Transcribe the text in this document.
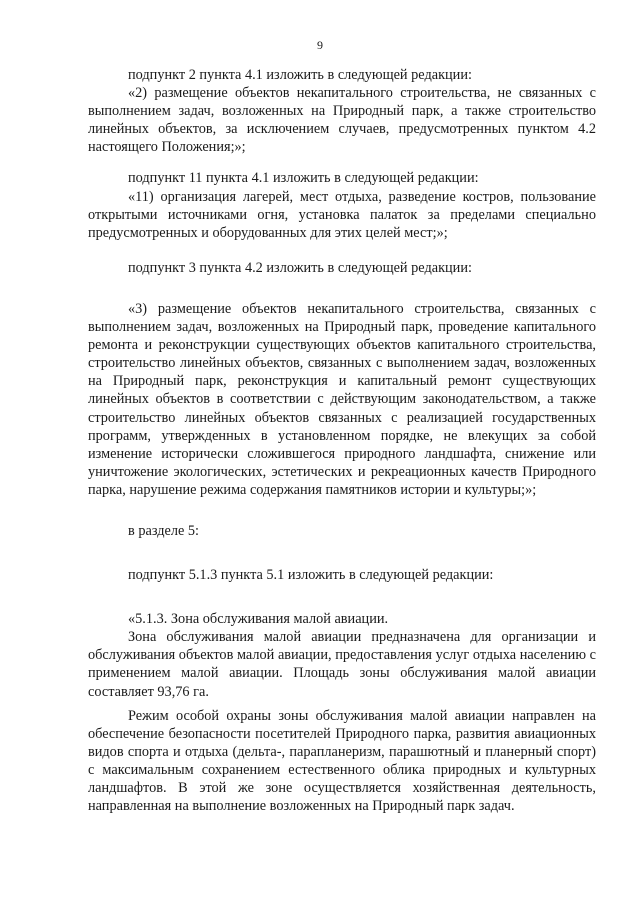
9

подпункт 2 пункта 4.1 изложить в следующей редакции:

«2) размещение объектов некапитального строительства, не связанных с выполнением задач, возложенных на Природный парк, а также строительство линейных объектов, за исключением случаев, предусмотренных пунктом 4.2 настоящего Положения;»;

подпункт 11 пункта 4.1 изложить в следующей редакции:

«11) организация лагерей, мест отдыха, разведение костров, пользование открытыми источниками огня, установка палаток за пределами специально предусмотренных и оборудованных для этих целей мест;»;

подпункт 3 пункта 4.2 изложить в следующей редакции:

«3) размещение объектов некапитального строительства, связанных с выполнением задач, возложенных на Природный парк, проведение капитального ремонта и реконструкции существующих объектов капитального строительства, строительство линейных объектов, связанных с выполнением задач, возложенных на Природный парк, реконструкция и капитальный ремонт существующих линейных объектов в соответствии с действующим законодательством, а также строительство линейных объектов связанных с реализацией государственных программ, утвержденных в установленном порядке, не влекущих за собой изменение исторически сложившегося природного ландшафта, снижение или уничтожение экологических, эстетических и рекреационных качеств Природного парка, нарушение режима содержания памятников истории и культуры;»;

в разделе 5:

подпункт 5.1.3 пункта 5.1 изложить в следующей редакции:

«5.1.3. Зона обслуживания малой авиации.

Зона обслуживания малой авиации предназначена для организации и обслуживания объектов малой авиации, предоставления услуг отдыха населению с применением малой авиации. Площадь зоны обслуживания малой авиации составляет 93,76 га.

Режим особой охраны зоны обслуживания малой авиации направлен на обеспечение безопасности посетителей Природного парка, развития авиационных видов спорта и отдыха (дельта-, парапланеризм, парашютный и планерный спорт) с максимальным сохранением естественного облика природных и культурных ландшафтов. В этой же зоне осуществляется хозяйственная деятельность, направленная на выполнение возложенных на Природный парк задач.
